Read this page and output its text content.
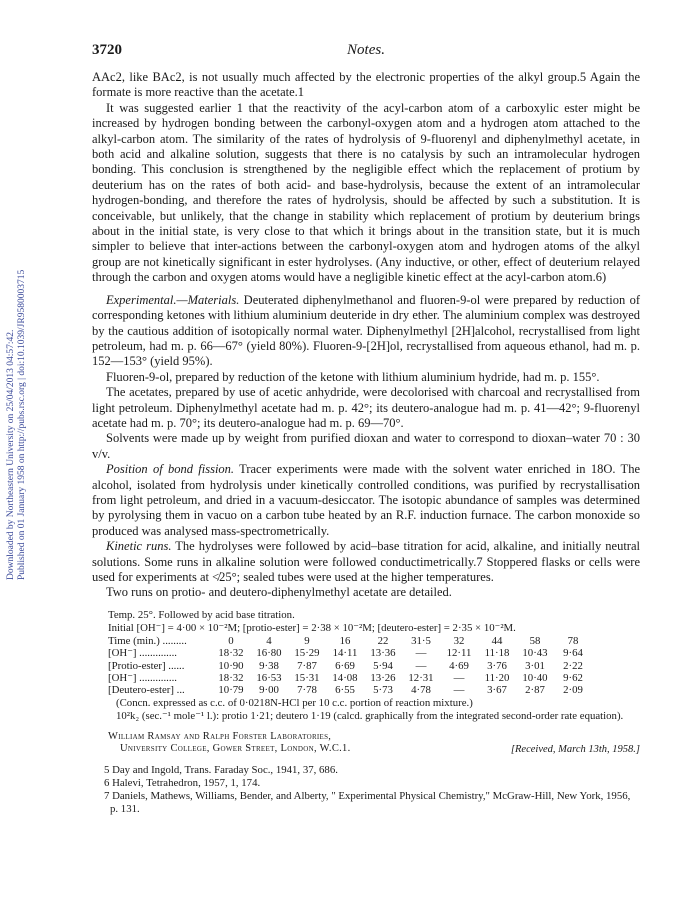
Downloaded by Northeastern University on 25/04/2013 04:57:42. Published on 01 January 1958 on http://pubs.rsc.org | doi:10.1039/JR9580003715
3720	Notes.

AAc2, like BAc2, is not usually much affected by the electronic properties of the alkyl group.5 Again the formate is more reactive than the acetate.1

It was suggested earlier 1 that the reactivity of the acyl-carbon atom of a carboxylic ester might be increased by hydrogen bonding between the carbonyl-oxygen atom and a hydrogen atom attached to the alkyl-carbon atom. The similarity of the rates of hydrolysis of 9-fluorenyl and diphenylmethyl acetate, in both acid and alkaline solution, suggests that there is no catalysis by such an intramolecular hydrogen bonding. This conclusion is strengthened by the negligible effect which the replacement of protium by deuterium has on the rates of both acid- and base-hydrolysis, because the extent of an intramolecular hydrogen-bonding, and therefore the rates of hydrolysis, should be affected by such a substitution. It is conceivable, but unlikely, that the change in stability which replacement of protium by deuterium brings about in the initial state, is very close to that which it brings about in the transition state, but it is much simpler to believe that inter-actions between the carbonyl-oxygen atom and hydrogen atoms of the alkyl group are not kinetically significant in ester hydrolyses. (Any inductive, or other, effect of deuterium relayed through the carbon and oxygen atoms would have a negligible kinetic effect at the acyl-carbon atom.6)

Experimental.—Materials. Deuterated diphenylmethanol and fluoren-9-ol were prepared by reduction of corresponding ketones with lithium aluminium deuteride in dry ether. The aluminium complex was destroyed by the cautious addition of isotopically normal water. Diphenylmethyl [2H]alcohol, recrystallised from light petroleum, had m. p. 66—67° (yield 80%). Fluoren-9-[2H]ol, recrystallised from aqueous ethanol, had m. p. 152—153° (yield 95%).

Fluoren-9-ol, prepared by reduction of the ketone with lithium aluminium hydride, had m. p. 155°.

The acetates, prepared by use of acetic anhydride, were decolorised with charcoal and recrystallised from light petroleum. Diphenylmethyl acetate had m. p. 42°; its deutero-analogue had m. p. 41—42°; 9-fluorenyl acetate had m. p. 70°; its deutero-analogue had m. p. 69—70°.

Solvents were made up by weight from purified dioxan and water to correspond to dioxan–water 70 : 30 v/v.

Position of bond fission. Tracer experiments were made with the solvent water enriched in 18O. The alcohol, isolated from hydrolysis under kinetically controlled conditions, was purified by recrystallisation from light petroleum, and dried in a vacuum-desiccator. The isotopic abundance of samples was determined by pyrolysing them in vacuo on a carbon tube heated by an R.F. induction furnace. The carbon monoxide so produced was analysed mass-spectrometrically.

Kinetic runs. The hydrolyses were followed by acid–base titration for acid, alkaline, and initially neutral solutions. Some runs in alkaline solution were followed conductimetrically.7 Stoppered flasks or cells were used for experiments at ≮25°; sealed tubes were used at the higher temperatures.

Two runs on protio- and deutero-diphenylmethyl acetate are detailed.

Temp. 25°. Followed by acid base titration.
Initial [OH⁻] = 4·00 × 10⁻²M; [protio-ester] = 2·38 × 10⁻²M; [deutero-ester] = 2·35 × 10⁻²M.
Time (min.) .........	0	4	9	16	22	31·5	32	44	58	78
[OH⁻] ..............	18·32	16·80	15·29	14·11	13·36	—	12·11	11·18	10·43	9·64
[Protio-ester] ......	10·90	9·38	7·87	6·69	5·94	—	4·69	3·76	3·01	2·22
[OH⁻] ..............	18·32	16·53	15·31	14·08	13·26	12·31	—	11·20	10·40	9·62
[Deutero-ester] ...	10·79	9·00	7·78	6·55	5·73	4·78	—	3·67	2·87	2·09
(Concn. expressed as c.c. of 0·0218N-HCl per 10 c.c. portion of reaction mixture.)
10²k₂ (sec.⁻¹ mole⁻¹ l.): protio 1·21; deutero 1·19 (calcd. graphically from the integrated second-order rate equation).
William Ramsay and Ralph Forster Laboratories,
University College, Gower Street, London, W.C.1.	[Received, March 13th, 1958.]
5 Day and Ingold, Trans. Faraday Soc., 1941, 37, 686.
6 Halevi, Tetrahedron, 1957, 1, 174.
7 Daniels, Mathews, Williams, Bender, and Alberty, " Experimental Physical Chemistry," McGraw-Hill, New York, 1956, p. 131.
